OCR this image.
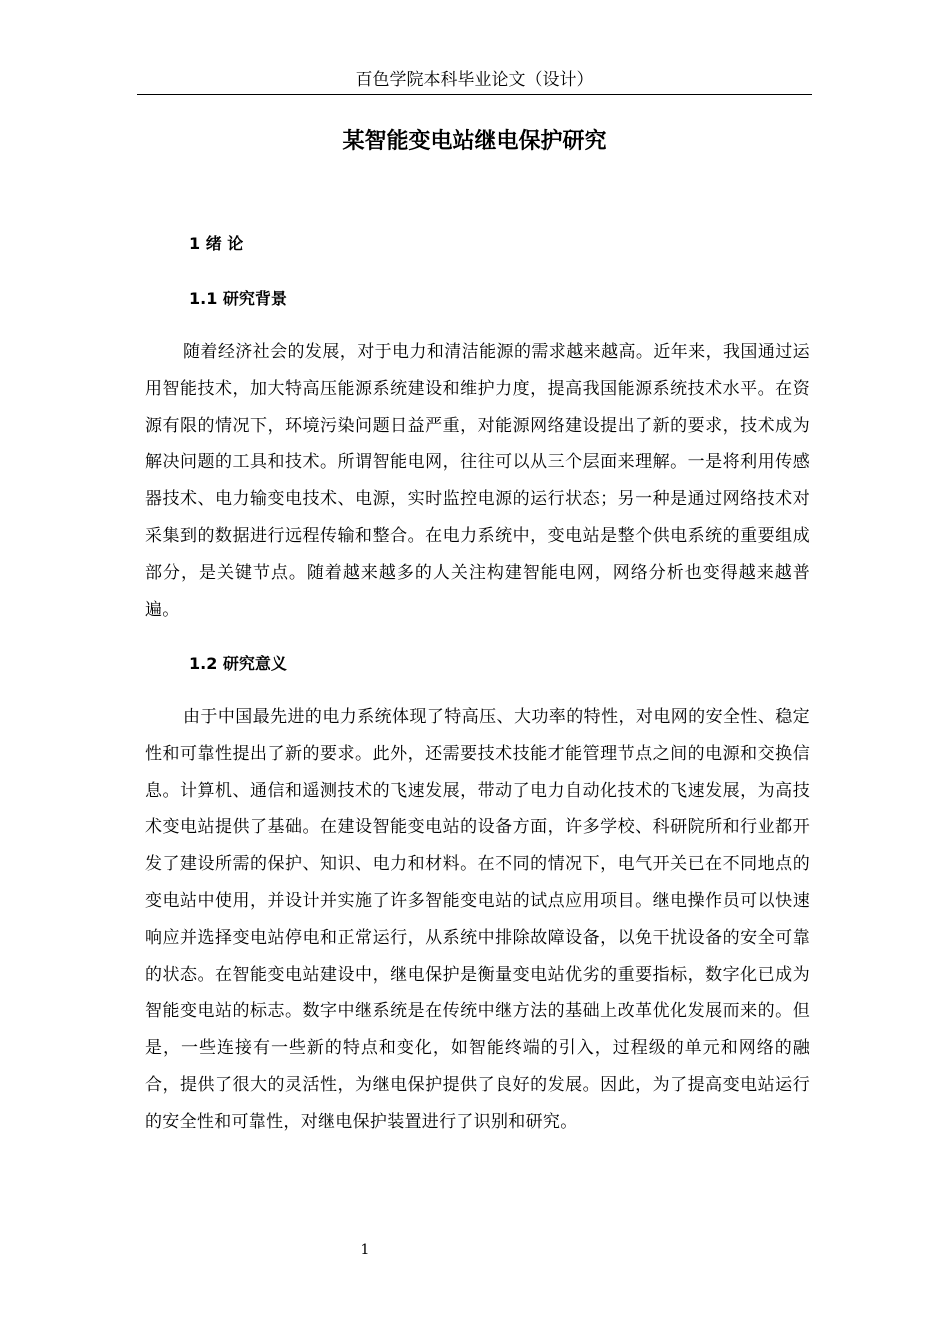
百色学院本科毕业论文（设计）
某智能变电站继电保护研究
1 绪 论
1.1 研究背景

随着经济社会的发展，对于电力和清洁能源的需求越来越高。近年来，我国通过运用智能技术，加大特高压能源系统建设和维护力度，提高我国能源系统技术水平。在资源有限的情况下，环境污染问题日益严重，对能源网络建设提出了新的要求，技术成为解决问题的工具和技术。所谓智能电网，往往可以从三个层面来理解。一是将利用传感器技术、电力输变电技术、电源，实时监控电源的运行状态；另一种是通过网络技术对采集到的数据进行远程传输和整合。在电力系统中，变电站是整个供电系统的重要组成部分，是关键节点。随着越来越多的人关注构建智能电网，网络分析也变得越来越普遍。

1.2 研究意义

由于中国最先进的电力系统体现了特高压、大功率的特性，对电网的安全性、稳定性和可靠性提出了新的要求。此外，还需要技术技能才能管理节点之间的电源和交换信息。计算机、通信和遥测技术的飞速发展，带动了电力自动化技术的飞速发展，为高技术变电站提供了基础。在建设智能变电站的设备方面，许多学校、科研院所和行业都开发了建设所需的保护、知识、电力和材料。在不同的情况下，电气开关已在不同地点的变电站中使用，并设计并实施了许多智能变电站的试点应用项目。继电操作员可以快速响应并选择变电站停电和正常运行，从系统中排除故障设备，以免干扰设备的安全可靠的状态。在智能变电站建设中，继电保护是衡量变电站优劣的重要指标，数字化已成为智能变电站的标志。数字中继系统是在传统中继方法的基础上改革优化发展而来的。但是，一些连接有一些新的特点和变化，如智能终端的引入，过程级的单元和网络的融合，提供了很大的灵活性，为继电保护提供了良好的发展。因此，为了提高变电站运行的安全性和可靠性，对继电保护装置进行了识别和研究。

1
